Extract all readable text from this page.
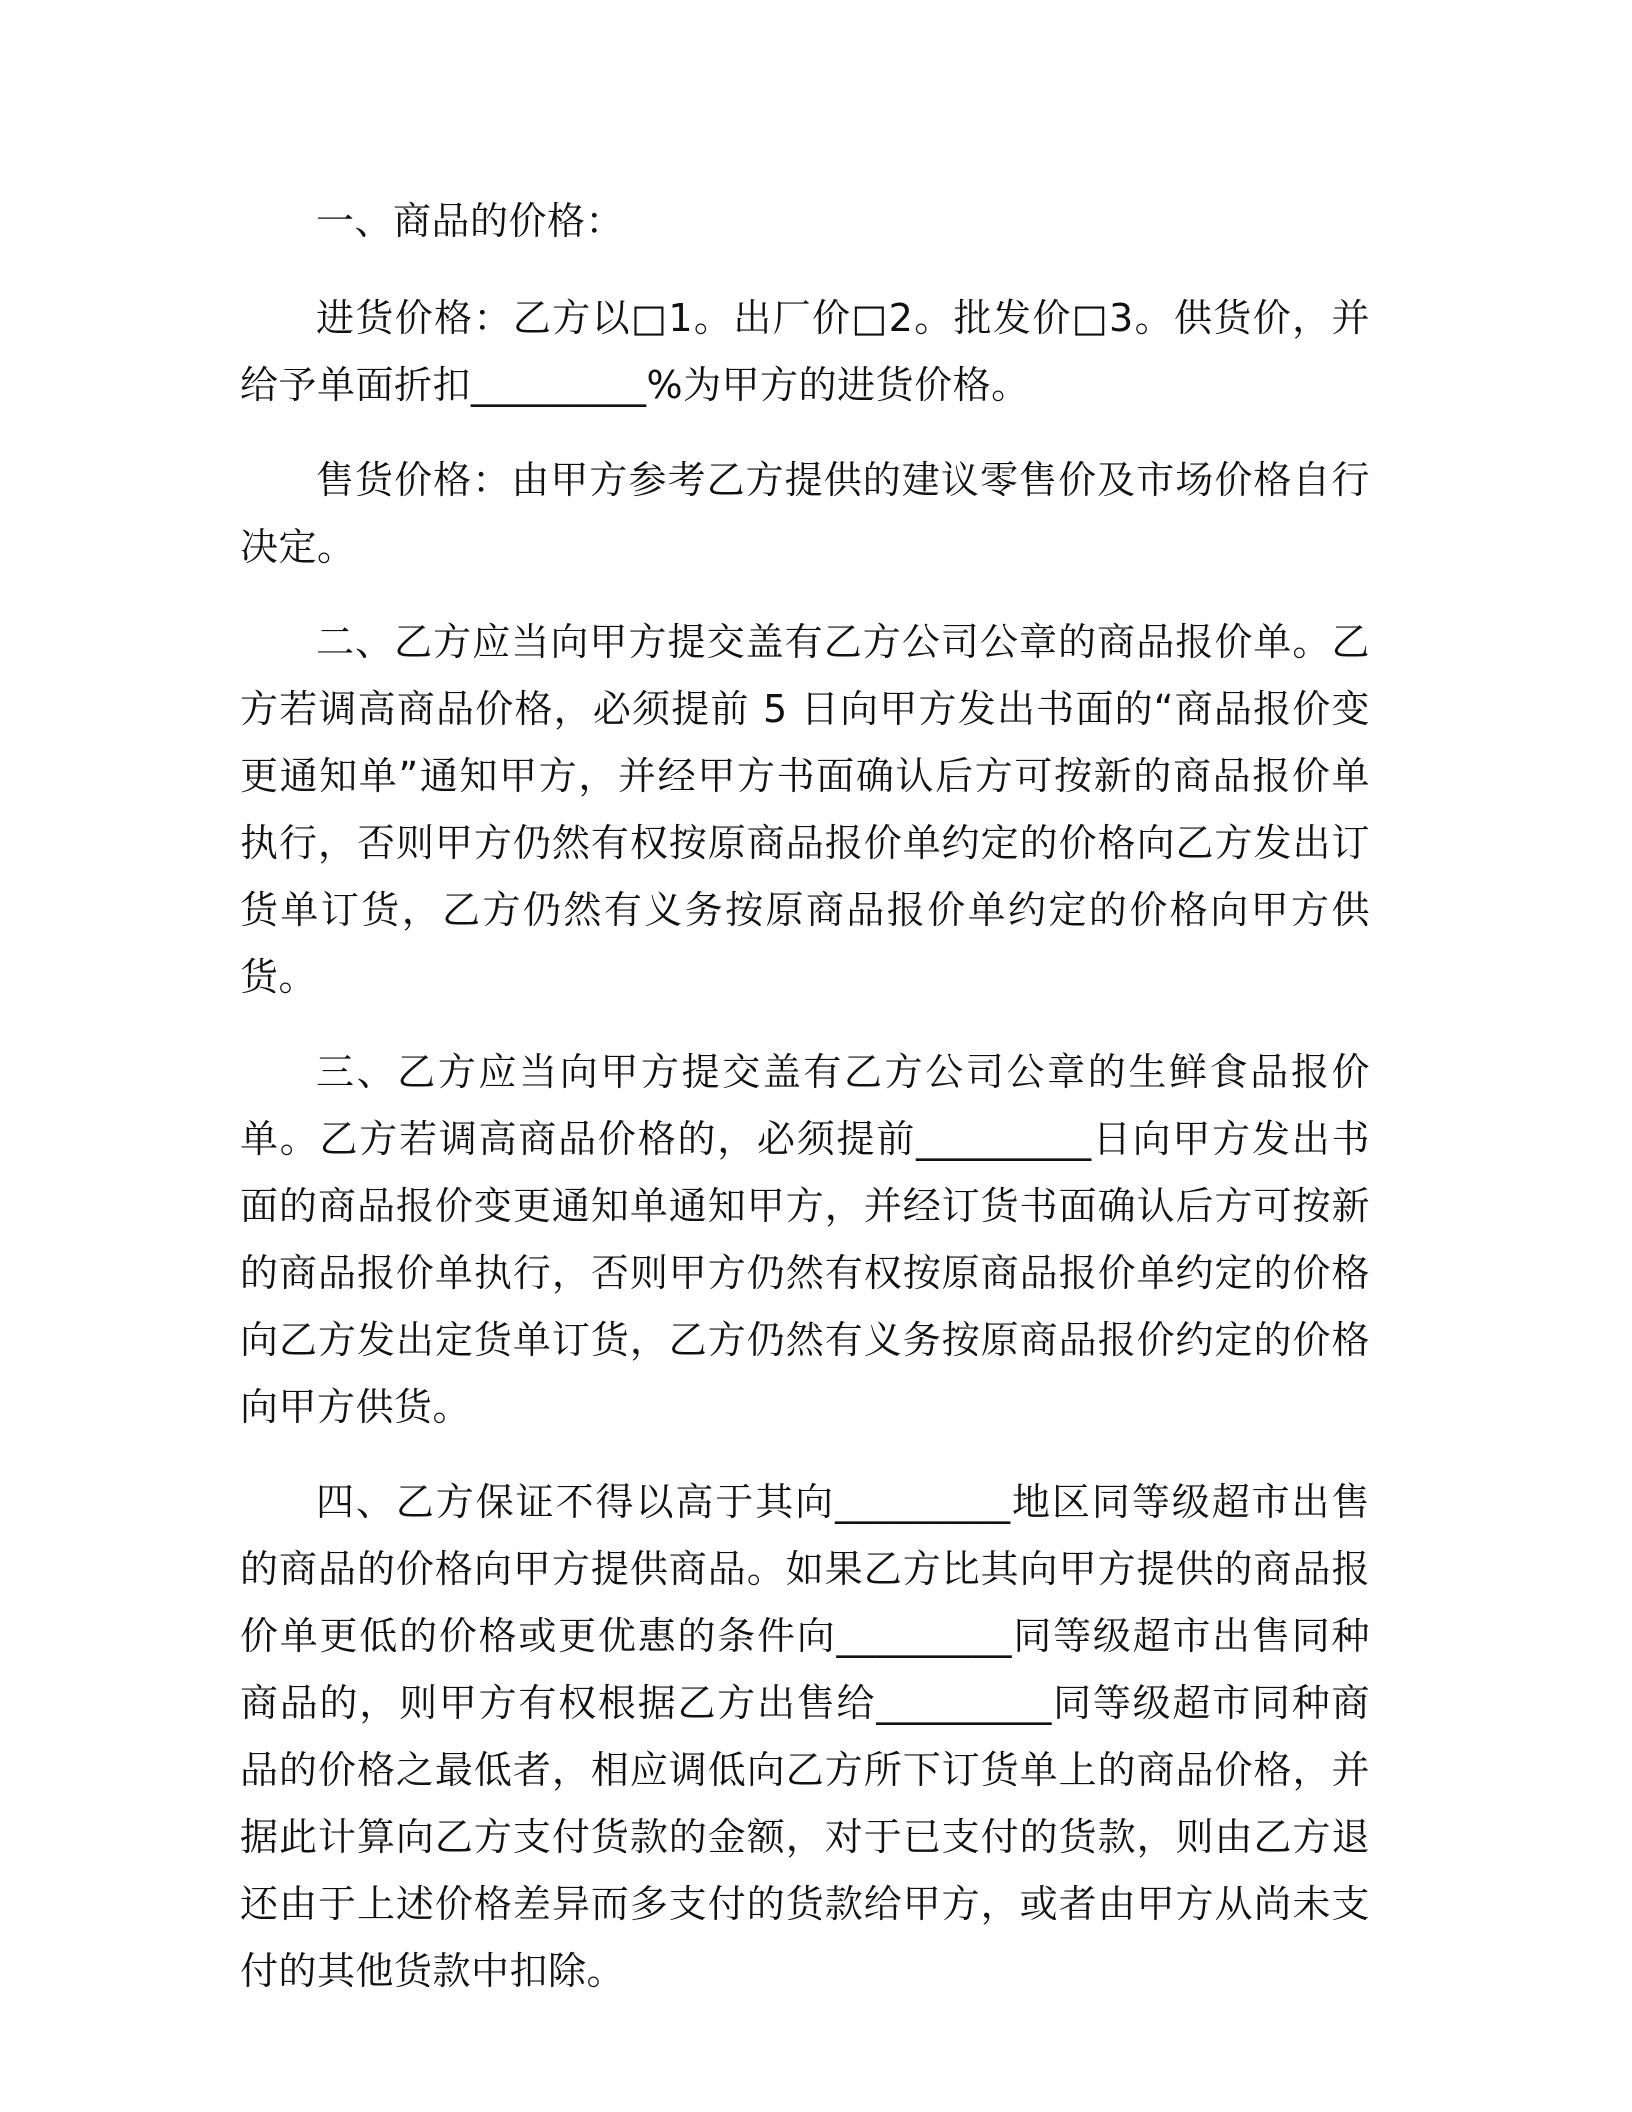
一、商品的价格：

进货价格：乙方以□1。出厂价□2。批发价□3。供货价，并给予单面折扣_________%为甲方的进货价格。

售货价格：由甲方参考乙方提供的建议零售价及市场价格自行决定。

二、乙方应当向甲方提交盖有乙方公司公章的商品报价单。乙方若调高商品价格，必须提前 5 日向甲方发出书面的“商品报价变更通知单”通知甲方，并经甲方书面确认后方可按新的商品报价单执行，否则甲方仍然有权按原商品报价单约定的价格向乙方发出订货单订货，乙方仍然有义务按原商品报价单约定的价格向甲方供货。

三、乙方应当向甲方提交盖有乙方公司公章的生鲜食品报价单。乙方若调高商品价格的，必须提前_________日向甲方发出书面的商品报价变更通知单通知甲方，并经订货书面确认后方可按新的商品报价单执行，否则甲方仍然有权按原商品报价单约定的价格向乙方发出定货单订货，乙方仍然有义务按原商品报价约定的价格向甲方供货。

四、乙方保证不得以高于其向_________地区同等级超市出售的商品的价格向甲方提供商品。如果乙方比其向甲方提供的商品报价单更低的价格或更优惠的条件向_________同等级超市出售同种商品的，则甲方有权根据乙方出售给_________同等级超市同种商品的价格之最低者，相应调低向乙方所下订货单上的商品价格，并据此计算向乙方支付货款的金额，对于已支付的货款，则由乙方退还由于上述价格差异而多支付的货款给甲方，或者由甲方从尚未支付的其他货款中扣除。
